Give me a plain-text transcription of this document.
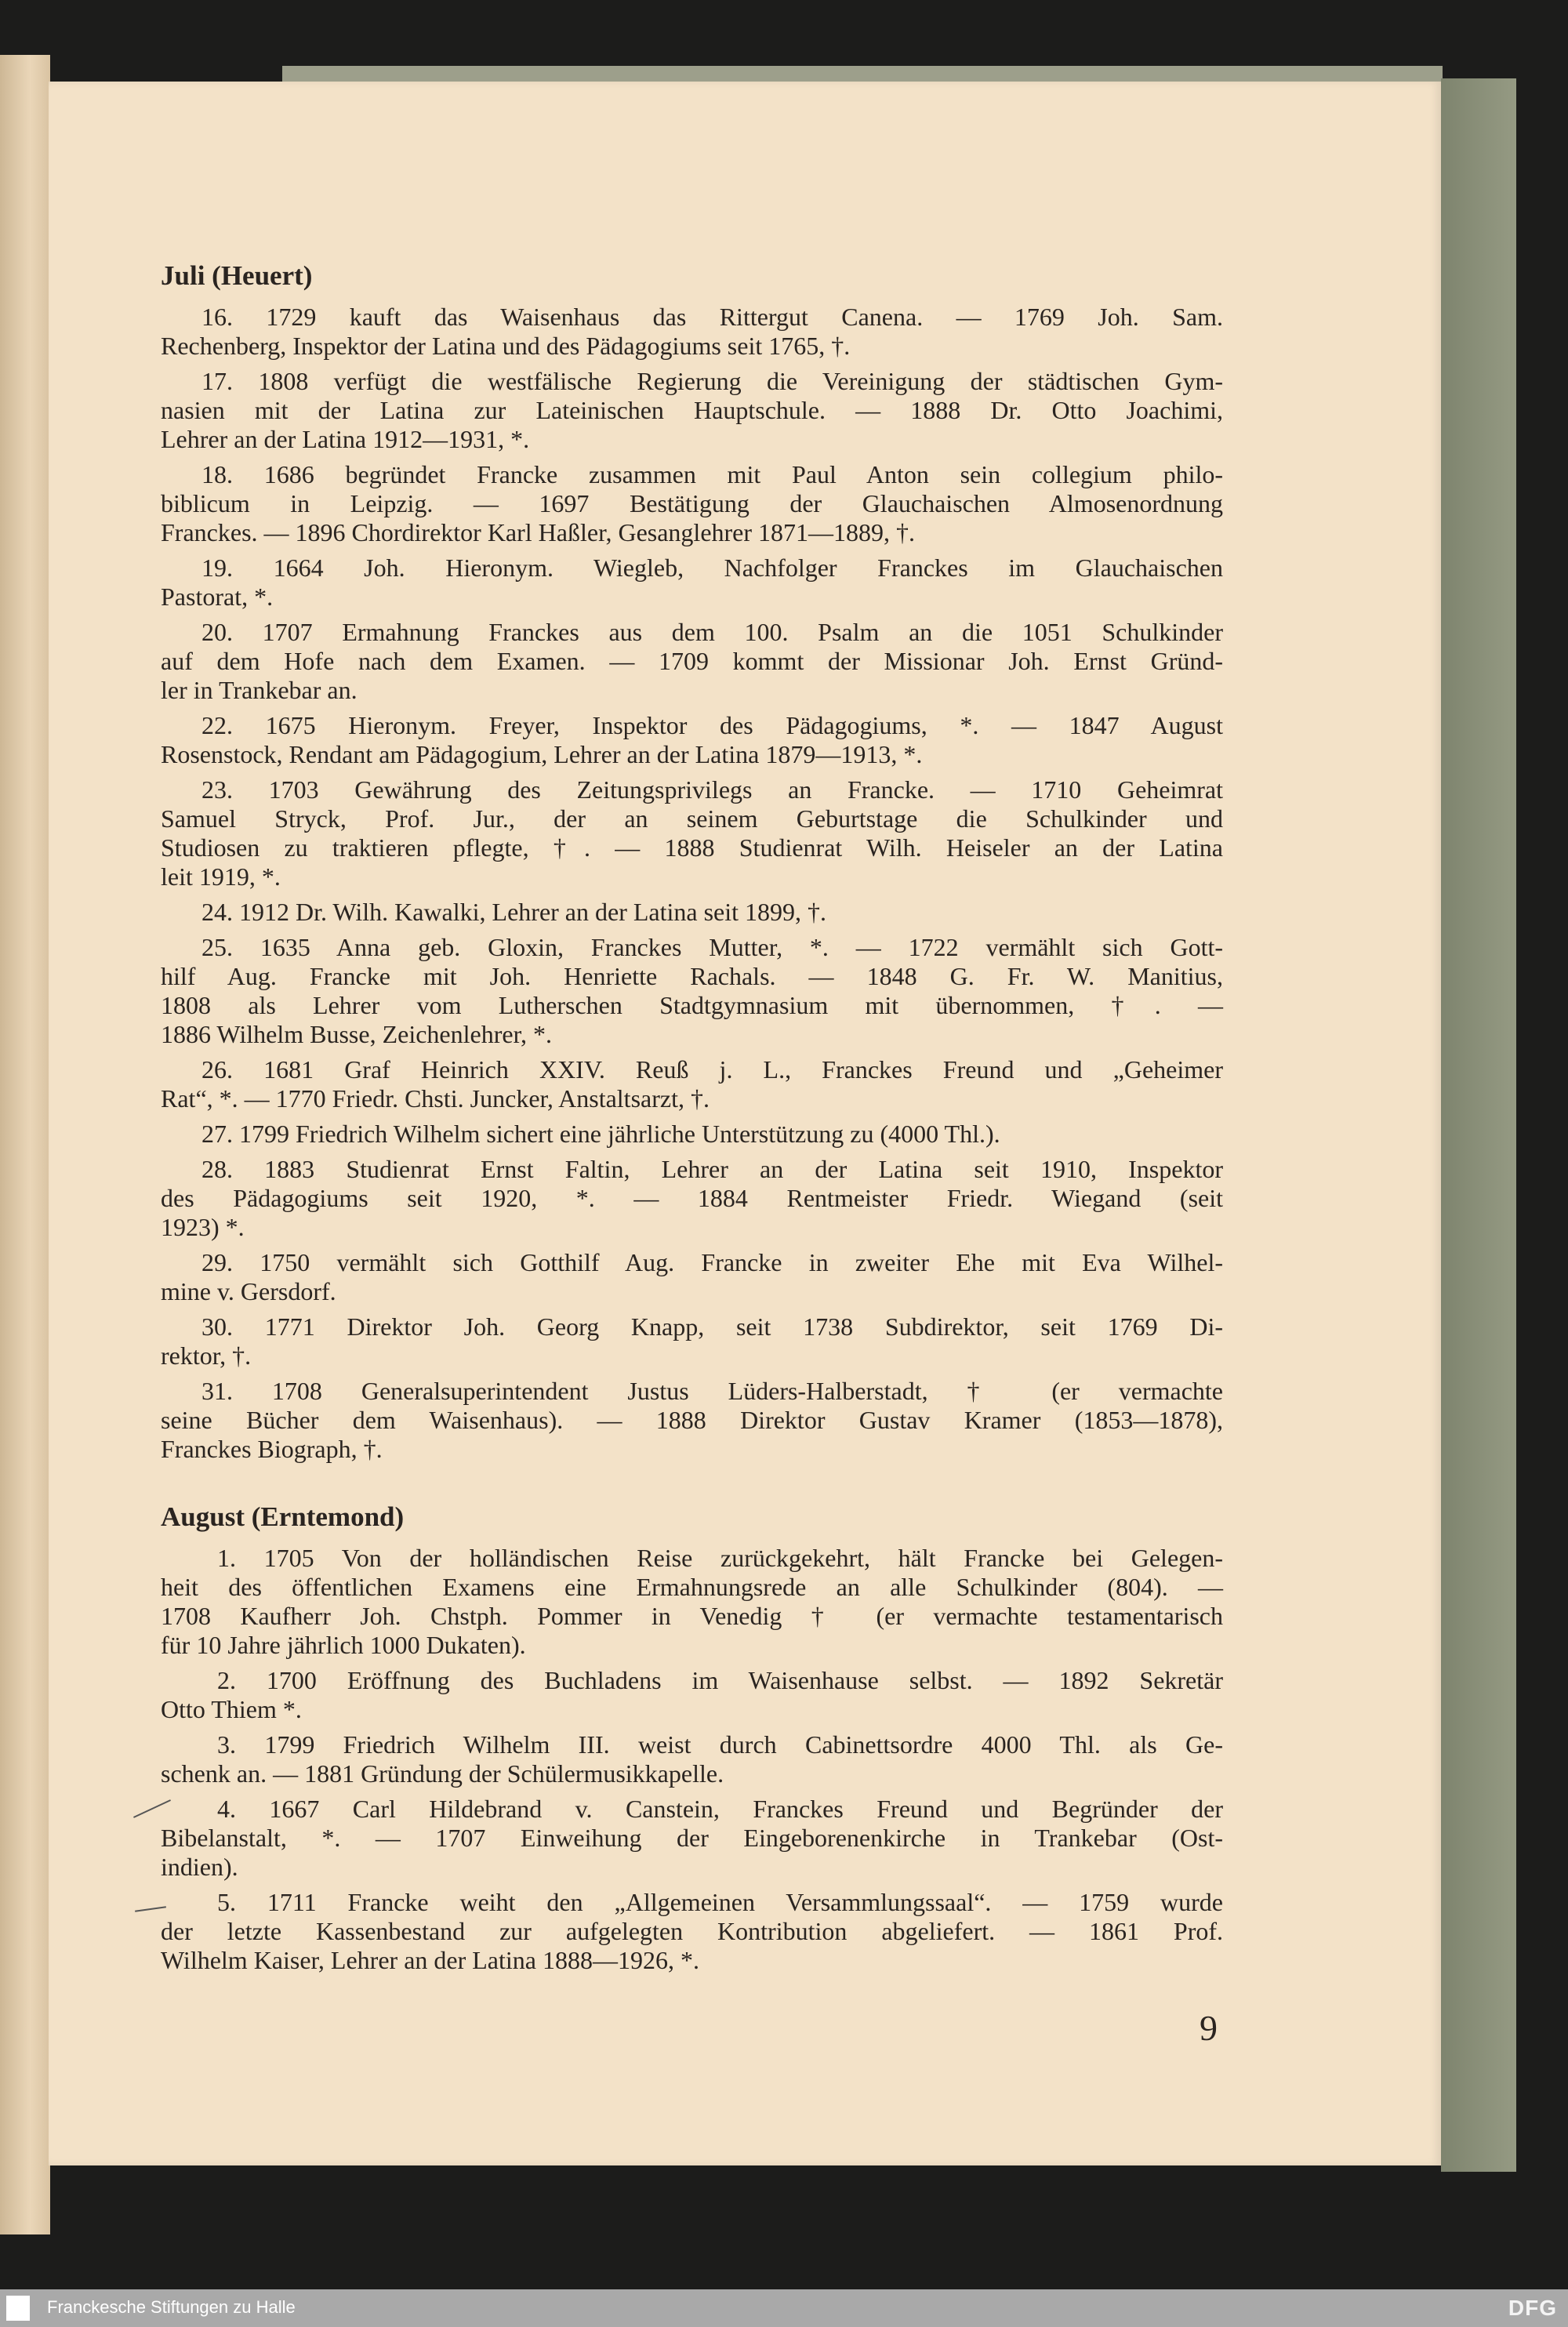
Juli (Heuert)
16. 1729 kauft das Waisenhaus das Rittergut Canena. — 1769 Joh. Sam.
Rechenberg, Inspektor der Latina und des Pädagogiums seit 1765, †.
17. 1808 verfügt die westfälische Regierung die Vereinigung der städtischen Gym-
nasien mit der Latina zur Lateinischen Hauptschule. — 1888 Dr. Otto Joachimi,
Lehrer an der Latina 1912—1931, *.
18. 1686 begründet Francke zusammen mit Paul Anton sein collegium philo-
biblicum in Leipzig. — 1697 Bestätigung der Glauchaischen Almosenordnung
Franckes. — 1896 Chordirektor Karl Haßler, Gesanglehrer 1871—1889, †.
19. 1664 Joh. Hieronym. Wiegleb, Nachfolger Franckes im Glauchaischen
Pastorat, *.
20. 1707 Ermahnung Franckes aus dem 100. Psalm an die 1051 Schulkinder
auf dem Hofe nach dem Examen. — 1709 kommt der Missionar Joh. Ernst Gründ-
ler in Trankebar an.
22. 1675 Hieronym. Freyer, Inspektor des Pädagogiums, *. — 1847 August
Rosenstock, Rendant am Pädagogium, Lehrer an der Latina 1879—1913, *.
23. 1703 Gewährung des Zeitungsprivilegs an Francke. — 1710 Geheimrat
Samuel Stryck, Prof. Jur., der an seinem Geburtstage die Schulkinder und
Studiosen zu traktieren pflegte, †. — 1888 Studienrat Wilh. Heiseler an der Latina
leit 1919, *.
24. 1912 Dr. Wilh. Kawalki, Lehrer an der Latina seit 1899, †.
25. 1635 Anna geb. Gloxin, Franckes Mutter, *. — 1722 vermählt sich Gott-
hilf Aug. Francke mit Joh. Henriette Rachals. — 1848 G. Fr. W. Manitius,
1808 als Lehrer vom Lutherschen Stadtgymnasium mit übernommen, †. —
1886 Wilhelm Busse, Zeichenlehrer, *.
26. 1681 Graf Heinrich XXIV. Reuß j. L., Franckes Freund und „Geheimer
Rat“, *. — 1770 Friedr. Chsti. Juncker, Anstaltsarzt, †.
27. 1799 Friedrich Wilhelm sichert eine jährliche Unterstützung zu (4000 Thl.).
28. 1883 Studienrat Ernst Faltin, Lehrer an der Latina seit 1910, Inspektor
des Pädagogiums seit 1920, *. — 1884 Rentmeister Friedr. Wiegand (seit
1923) *.
29. 1750 vermählt sich Gotthilf Aug. Francke in zweiter Ehe mit Eva Wilhel-
mine v. Gersdorf.
30. 1771 Direktor Joh. Georg Knapp, seit 1738 Subdirektor, seit 1769 Di-
rektor, †.
31. 1708 Generalsuperintendent Justus Lüders-Halberstadt, † (er vermachte
seine Bücher dem Waisenhaus). — 1888 Direktor Gustav Kramer (1853—1878),
Franckes Biograph, †.
August (Erntemond)
1. 1705 Von der holländischen Reise zurückgekehrt, hält Francke bei Gelegen-
heit des öffentlichen Examens eine Ermahnungsrede an alle Schulkinder (804). —
1708 Kaufherr Joh. Chstph. Pommer in Venedig † (er vermachte testamentarisch
für 10 Jahre jährlich 1000 Dukaten).
2. 1700 Eröffnung des Buchladens im Waisenhause selbst. — 1892 Sekretär
Otto Thiem *.
3. 1799 Friedrich Wilhelm III. weist durch Cabinettsordre 4000 Thl. als Ge-
schenk an. — 1881 Gründung der Schülermusikkapelle.
4. 1667 Carl Hildebrand v. Canstein, Franckes Freund und Begründer der
Bibelanstalt, *. — 1707 Einweihung der Eingeborenenkirche in Trankebar (Ost-
indien).
5. 1711 Francke weiht den „Allgemeinen Versammlungssaal“. — 1759 wurde
der letzte Kassenbestand zur aufgelegten Kontribution abgeliefert. — 1861 Prof.
Wilhelm Kaiser, Lehrer an der Latina 1888—1926, *.
9
Franckesche Stiftungen zu Halle	DFG
